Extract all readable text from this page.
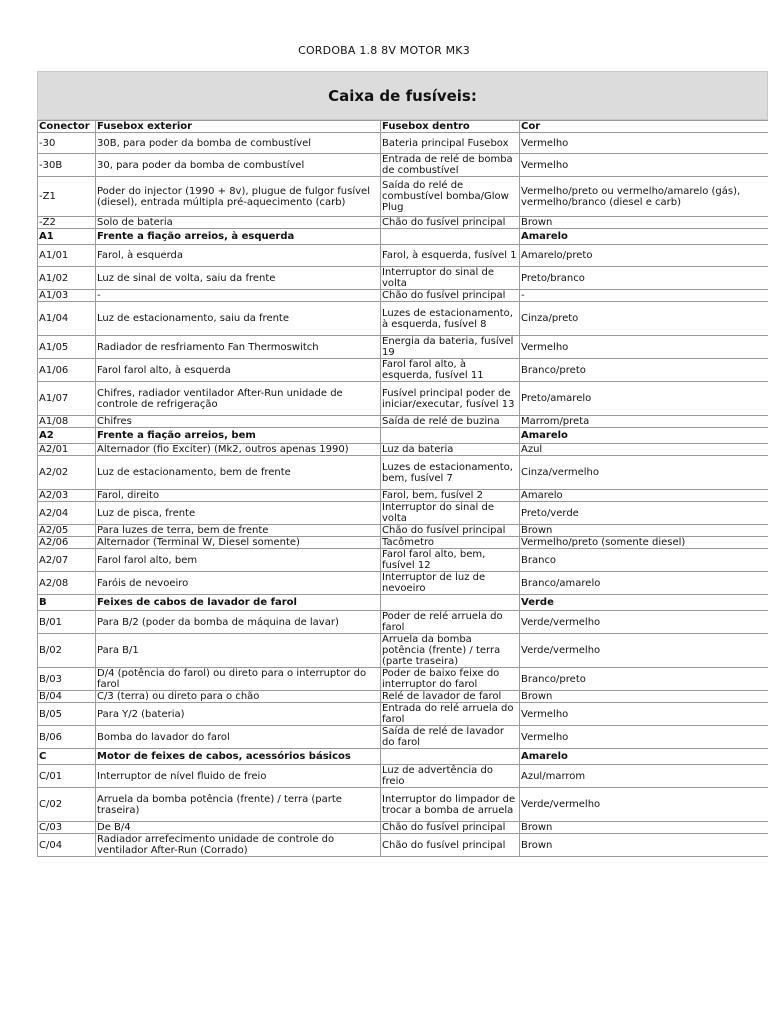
CORDOBA 1.8 8V MOTOR MK3
Caixa de fusíveis:
Conector	Fusebox exterior	Fusebox dentro	Cor
-30	30B, para poder da bomba de combustível	Bateria principal Fusebox	Vermelho
-30B	30, para poder da bomba de combustível	Entrada de relé de bomba de combustível	Vermelho
-Z1	Poder do injector (1990 + 8v), plugue de fulgor fusível (diesel), entrada múltipla pré-aquecimento (carb)	Saída do relé de combustível bomba/Glow Plug	Vermelho/preto ou vermelho/amarelo (gás), vermelho/branco (diesel e carb)
-Z2	Solo de bateria	Chão do fusível principal	Brown
A1	Frente a fiação arreios, à esquerda		Amarelo
A1/01	Farol, à esquerda	Farol, à esquerda, fusível 1	Amarelo/preto
A1/02	Luz de sinal de volta, saiu da frente	Interruptor do sinal de volta	Preto/branco
A1/03	-	Chão do fusível principal	-
A1/04	Luz de estacionamento, saiu da frente	Luzes de estacionamento, à esquerda, fusível 8	Cinza/preto
A1/05	Radiador de resfriamento Fan Thermoswitch	Energia da bateria, fusível 19	Vermelho
A1/06	Farol farol alto, à esquerda	Farol farol alto, à esquerda, fusível 11	Branco/preto
A1/07	Chifres, radiador ventilador After-Run unidade de controle de refrigeração	Fusível principal poder de iniciar/executar, fusível 13	Preto/amarelo
A1/08	Chifres	Saída de relé de buzina	Marrom/preta
A2	Frente a fiação arreios, bem		Amarelo
A2/01	Alternador (fio Exciter) (Mk2, outros apenas 1990)	Luz da bateria	Azul
A2/02	Luz de estacionamento, bem de frente	Luzes de estacionamento, bem, fusível 7	Cinza/vermelho
A2/03	Farol, direito	Farol, bem, fusível 2	Amarelo
A2/04	Luz de pisca, frente	Interruptor do sinal de volta	Preto/verde
A2/05	Para luzes de terra, bem de frente	Chão do fusível principal	Brown
A2/06	Alternador (Terminal W, Diesel somente)	Tacômetro	Vermelho/preto (somente diesel)
A2/07	Farol farol alto, bem	Farol farol alto, bem, fusível 12	Branco
A2/08	Faróis de nevoeiro	Interruptor de luz de nevoeiro	Branco/amarelo
B	Feixes de cabos de lavador de farol		Verde
B/01	Para B/2 (poder da bomba de máquina de lavar)	Poder de relé arruela do farol	Verde/vermelho
B/02	Para B/1	Arruela da bomba potência (frente) / terra (parte traseira)	Verde/vermelho
B/03	D/4 (potência do farol) ou direto para o interruptor do farol	Poder de baixo feixe do interruptor do farol	Branco/preto
B/04	C/3 (terra) ou direto para o chão	Relé de lavador de farol	Brown
B/05	Para Y/2 (bateria)	Entrada do relé arruela do farol	Vermelho
B/06	Bomba do lavador do farol	Saída de relé de lavador do farol	Vermelho
C	Motor de feixes de cabos, acessórios básicos		Amarelo
C/01	Interruptor de nível fluido de freio	Luz de advertência do freio	Azul/marrom
C/02	Arruela da bomba potência (frente) / terra (parte traseira)	Interruptor do limpador de trocar a bomba de arruela	Verde/vermelho
C/03	De B/4	Chão do fusível principal	Brown
C/04	Radiador arrefecimento unidade de controle do ventilador After-Run (Corrado)	Chão do fusível principal	Brown
